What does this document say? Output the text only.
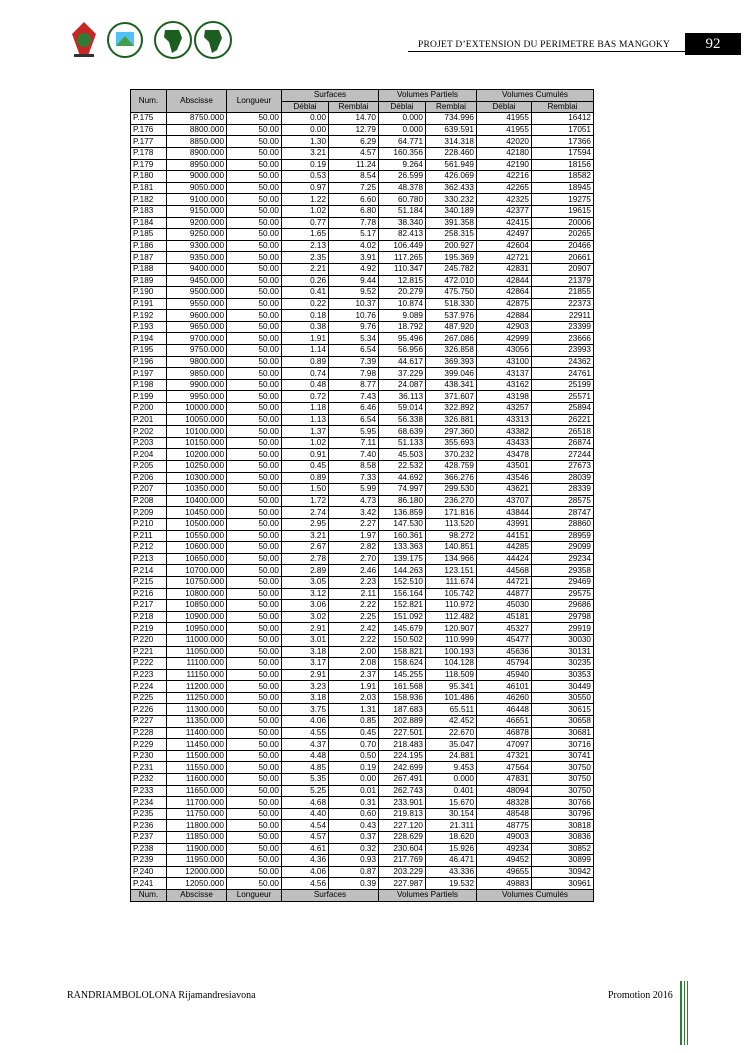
PROJET D’EXTENSION DU PERIMETRE BAS MANGOKY	92
Num.	Abscisse	Longueur	Surfaces		Volumes Partiels		Volumes Cumulés	
			Déblai	Remblai	Déblai	Remblai	Déblai	Remblai
P.175	8750.000	50.00	0.00	14.70	0.000	734.996	41955	16412
P.176	8800.000	50.00	0.00	12.79	0.000	639.591	41955	17051
P.177	8850.000	50.00	1.30	6.29	64.771	314.318	42020	17366
P.178	8900.000	50.00	3.21	4.57	160.356	228.460	42180	17594
P.179	8950.000	50.00	0.19	11.24	9.264	561.949	42190	18156
P.180	9000.000	50.00	0.53	8.54	26.599	426.069	42216	18582
P.181	9050.000	50.00	0.97	7.25	48.378	362.433	42265	18945
P.182	9100.000	50.00	1.22	6.60	60.780	330.232	42325	19275
P.183	9150.000	50.00	1.02	6.80	51.184	340.189	42377	19615
P.184	9200.000	50.00	0.77	7.78	38.340	391.358	42415	20006
P.185	9250.000	50.00	1.65	5.17	82.413	258.315	42497	20265
P.186	9300.000	50.00	2.13	4.02	106.449	200.927	42604	20466
P.187	9350.000	50.00	2.35	3.91	117.265	195.369	42721	20661
P.188	9400.000	50.00	2.21	4.92	110.347	245.782	42831	20907
P.189	9450.000	50.00	0.26	9.44	12.815	472.010	42844	21379
P.190	9500.000	50.00	0.41	9.52	20.279	475.750	42864	21855
P.191	9550.000	50.00	0.22	10.37	10.874	518.330	42875	22373
P.192	9600.000	50.00	0.18	10.76	9.089	537.976	42884	22911
P.193	9650.000	50.00	0.38	9.76	18.792	487.920	42903	23399
P.194	9700.000	50.00	1.91	5.34	95.496	267.086	42999	23666
P.195	9750.000	50.00	1.14	6.54	56.956	326.858	43056	23993
P.196	9800.000	50.00	0.89	7.39	44.617	369.393	43100	24362
P.197	9850.000	50.00	0.74	7.98	37.229	399.046	43137	24761
P.198	9900.000	50.00	0.48	8.77	24.087	438.341	43162	25199
P.199	9950.000	50.00	0.72	7.43	36.113	371.607	43198	25571
P.200	10000.000	50.00	1.18	6.46	59.014	322.892	43257	25894
P.201	10050.000	50.00	1.13	6.54	56.338	326.881	43313	26221
P.202	10100.000	50.00	1.37	5.95	68.639	297.360	43382	26518
P.203	10150.000	50.00	1.02	7.11	51.133	355.693	43433	26874
P.204	10200.000	50.00	0.91	7.40	45.503	370.232	43478	27244
P.205	10250.000	50.00	0.45	8.58	22.532	428.759	43501	27673
P.206	10300.000	50.00	0.89	7.33	44.692	366.276	43546	28039
P.207	10350.000	50.00	1.50	5.99	74.997	299.530	43621	28339
P.208	10400.000	50.00	1.72	4.73	86.180	236.270	43707	28575
P.209	10450.000	50.00	2.74	3.42	136.859	171.816	43844	28747
P.210	10500.000	50.00	2.95	2.27	147.530	113.520	43991	28860
P.211	10550.000	50.00	3.21	1.97	160.361	98.272	44151	28959
P.212	10600.000	50.00	2.67	2.82	133.363	140.851	44285	29099
P.213	10650.000	50.00	2.78	2.70	139.175	134.966	44424	29234
P.214	10700.000	50.00	2.89	2.46	144.263	123.151	44568	29358
P.215	10750.000	50.00	3.05	2.23	152.510	111.674	44721	29469
P.216	10800.000	50.00	3.12	2.11	156.164	105.742	44877	29575
P.217	10850.000	50.00	3.06	2.22	152.821	110.972	45030	29686
P.218	10900.000	50.00	3.02	2.25	151.092	112.482	45181	29798
P.219	10950.000	50.00	2.91	2.42	145.679	120.907	45327	29919
P.220	11000.000	50.00	3.01	2.22	150.502	110.999	45477	30030
P.221	11050.000	50.00	3.18	2.00	158.821	100.193	45636	30131
P.222	11100.000	50.00	3.17	2.08	158.624	104.128	45794	30235
P.223	11150.000	50.00	2.91	2.37	145.255	118.509	45940	30353
P.224	11200.000	50.00	3.23	1.91	161.568	95.341	46101	30449
P.225	11250.000	50.00	3.18	2.03	158.936	101.486	46260	30550
P.226	11300.000	50.00	3.75	1.31	187.683	65.511	46448	30615
P.227	11350.000	50.00	4.06	0.85	202.889	42.452	46651	30658
P.228	11400.000	50.00	4.55	0.45	227.501	22.670	46878	30681
P.229	11450.000	50.00	4.37	0.70	218.483	35.047	47097	30716
P.230	11500.000	50.00	4.48	0.50	224.195	24.881	47321	30741
P.231	11550.000	50.00	4.85	0.19	242.699	9.453	47564	30750
P.232	11600.000	50.00	5.35	0.00	267.491	0.000	47831	30750
P.233	11650.000	50.00	5.25	0.01	262.743	0.401	48094	30750
P.234	11700.000	50.00	4.68	0.31	233.901	15.670	48328	30766
P.235	11750.000	50.00	4.40	0.60	219.813	30.154	48548	30796
P.236	11800.000	50.00	4.54	0.43	227.120	21.311	48775	30818
P.237	11850.000	50.00	4.57	0.37	228.629	18.620	49003	30836
P.238	11900.000	50.00	4.61	0.32	230.604	15.926	49234	30852
P.239	11950.000	50.00	4.36	0.93	217.769	46.471	49452	30899
P.240	12000.000	50.00	4.06	0.87	203.229	43.336	49655	30942
P.241	12050.000	50.00	4.56	0.39	227.987	19.532	49883	30961
Num.	Abscisse	Longueur	Surfaces		Volumes Partiels		Volumes Cumulés	
RANDRIAMBOLOLONA Rijamandresiavona	Promotion 2016
